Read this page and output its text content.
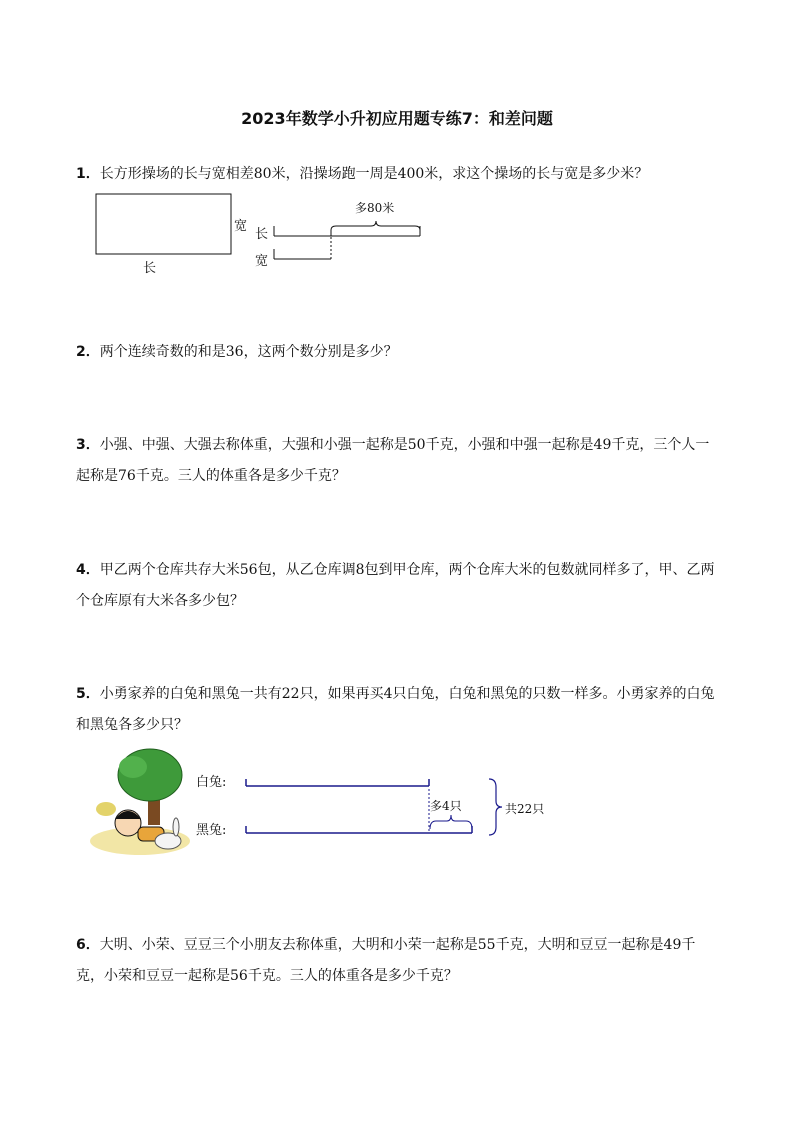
2023年数学小升初应用题专练7：和差问题
1．长方形操场的长与宽相差80米，沿操场跑一周是400米，求这个操场的长与宽是多少米？
宽
长
长
宽
多80米
2．两个连续奇数的和是36，这两个数分别是多少？
3．小强、中强、大强去称体重，大强和小强一起称是50千克，小强和中强一起称是49千克，三个人一起称是76千克。三人的体重各是多少千克？
4．甲乙两个仓库共存大米56包，从乙仓库调8包到甲仓库，两个仓库大米的包数就同样多了，甲、乙两个仓库原有大米各多少包？
5．小勇家养的白兔和黑兔一共有22只，如果再买4只白兔，白兔和黑兔的只数一样多。小勇家养的白兔和黑兔各多少只？
白兔:
黑兔:
多4只	共22只
6．大明、小荣、豆豆三个小朋友去称体重，大明和小荣一起称是55千克，大明和豆豆一起称是49千克，小荣和豆豆一起称是56千克。三人的体重各是多少千克？
